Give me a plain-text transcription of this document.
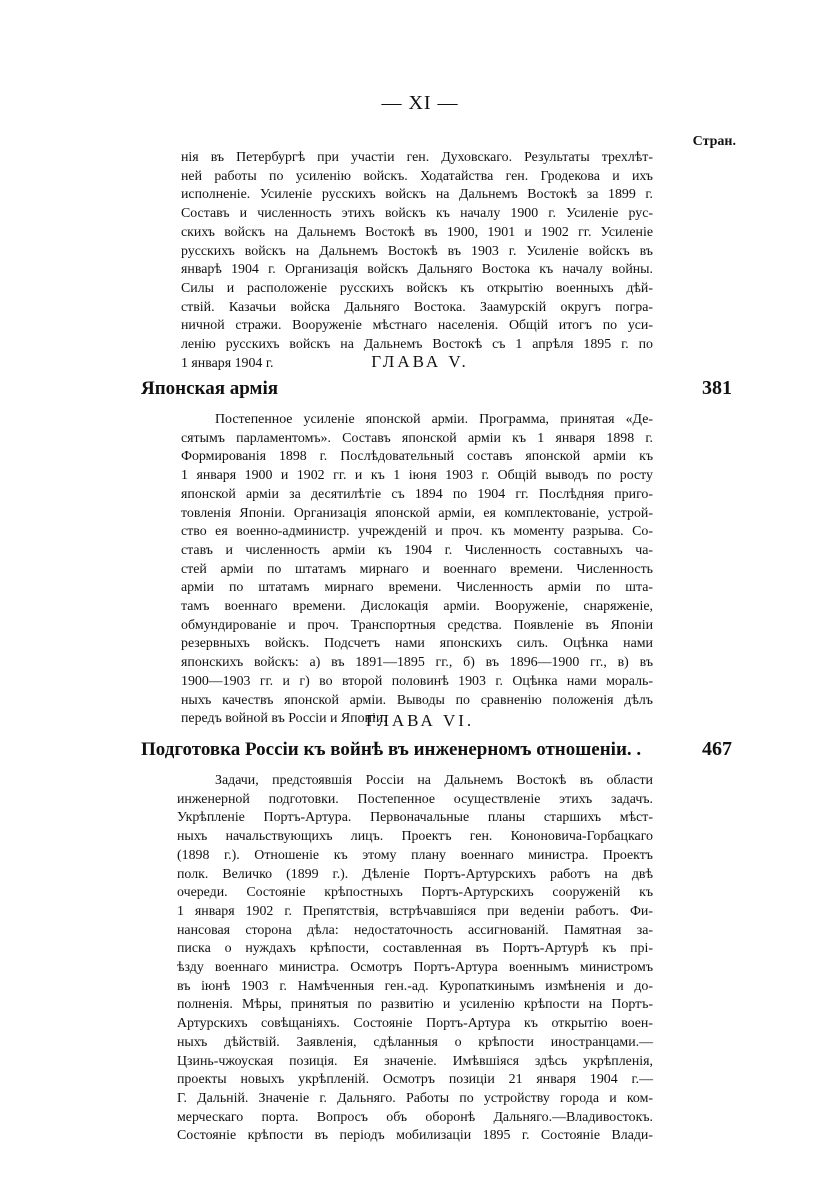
— XI —
Стран.
нія въ Петербургѣ при участіи ген. Духовскаго. Результаты трехлѣт-
ней работы по усиленію войскъ. Ходатайства ген. Гродекова и ихъ
исполненіе. Усиленіе русскихъ войскъ на Дальнемъ Востокѣ за 1899 г.
Составъ и численность этихъ войскъ къ началу 1900 г. Усиленіе рус-
скихъ войскъ на Дальнемъ Востокѣ въ 1900, 1901 и 1902 гг. Усиленіе
русскихъ войскъ на Дальнемъ Востокѣ въ 1903 г. Усиленіе войскъ въ
январѣ 1904 г. Организація войскъ Дальняго Востока къ началу войны.
Силы и расположеніе русскихъ войскъ къ открытію военныхъ дѣй-
ствій. Казачьи войска Дальняго Востока. Заамурскій округъ погра-
ничной стражи. Вооруженіе мѣстнаго населенія. Общій итогъ по уси-
ленію русскихъ войскъ на Дальнемъ Востокѣ съ 1 апрѣля 1895 г. по
1 января 1904 г.	ГЛАВА V.
Японская армія	381
Постепенное усиленіе японской арміи. Программа, принятая «Де-
сятымъ парламентомъ». Составъ японской арміи къ 1 января 1898 г.
Формированія 1898 г. Послѣдовательный составъ японской арміи къ
1 января 1900 и 1902 гг. и къ 1 іюня 1903 г. Общій выводъ по росту
японской арміи за десятилѣтіе съ 1894 по 1904 гг. Послѣдняя приго-
товленія Японіи. Организація японской арміи, ея комплектованіе, устрой-
ство ея военно-администр. учрежденій и проч. къ моменту разрыва. Со-
ставъ и численность арміи къ 1904 г. Численность составныхъ ча-
стей арміи по штатамъ мирнаго и военнаго времени. Численность
арміи по штатамъ мирнаго времени. Численность арміи по шта-
тамъ военнаго времени. Дислокація арміи. Вооруженіе, снаряженіе,
обмундированіе и проч. Транспортныя средства. Появленіе въ Японіи
резервныхъ войскъ. Подсчетъ нами японскихъ силъ. Оцѣнка нами
японскихъ войскъ: а) въ 1891—1895 гг., б) въ 1896—1900 гг., в) въ
1900—1903 гг. и г) во второй половинѣ 1903 г. Оцѣнка нами мораль-
ныхъ качествъ японской арміи. Выводы по сравненію положенія дѣлъ
передъ войной въ Россіи и Японіи.
ГЛАВА VI.
Подготовка Россіи къ войнѣ въ инженерномъ отношеніи. .	467
Задачи, предстоявшія Россіи на Дальнемъ Востокѣ въ области
инженерной подготовки. Постепенное осуществленіе этихъ задачъ.
Укрѣпленіе Портъ-Артура. Первоначальные планы старшихъ мѣст-
ныхъ начальствующихъ лицъ. Проектъ ген. Кононовича-Горбацкаго
(1898 г.). Отношеніе къ этому плану военнаго министра. Проектъ
полк. Величко (1899 г.). Дѣленіе Портъ-Артурскихъ работъ на двѣ
очереди. Состояніе крѣпостныхъ Портъ-Артурскихъ сооруженій къ
1 января 1902 г. Препятствія, встрѣчавшіяся при веденіи работъ. Фи-
нансовая сторона дѣла: недостаточность ассигнованій. Памятная за-
писка о нуждахъ крѣпости, составленная въ Портъ-Артурѣ къ прі-
ѣзду военнаго министра. Осмотръ Портъ-Артура военнымъ министромъ
въ іюнѣ 1903 г. Намѣченныя ген.-ад. Куропаткинымъ измѣненія и до-
полненія. Мѣры, принятыя по развитію и усиленію крѣпости на Портъ-
Артурскихъ совѣщаніяхъ. Состояніе Портъ-Артура къ открытію воен-
ныхъ дѣйствій. Заявленія, сдѣланныя о крѣпости иностранцами.—
Цзинь-чжоуская позиція. Ея значеніе. Имѣвшіяся здѣсь укрѣпленія,
проекты новыхъ укрѣпленій. Осмотръ позиціи 21 января 1904 г.—
Г. Дальній. Значеніе г. Дальняго. Работы по устройству города и ком-
мерческаго порта. Вопросъ объ оборонѣ Дальняго.—Владивостокъ.
Состояніе крѣпости въ періодъ мобилизаціи 1895 г. Состояніе Влади-
